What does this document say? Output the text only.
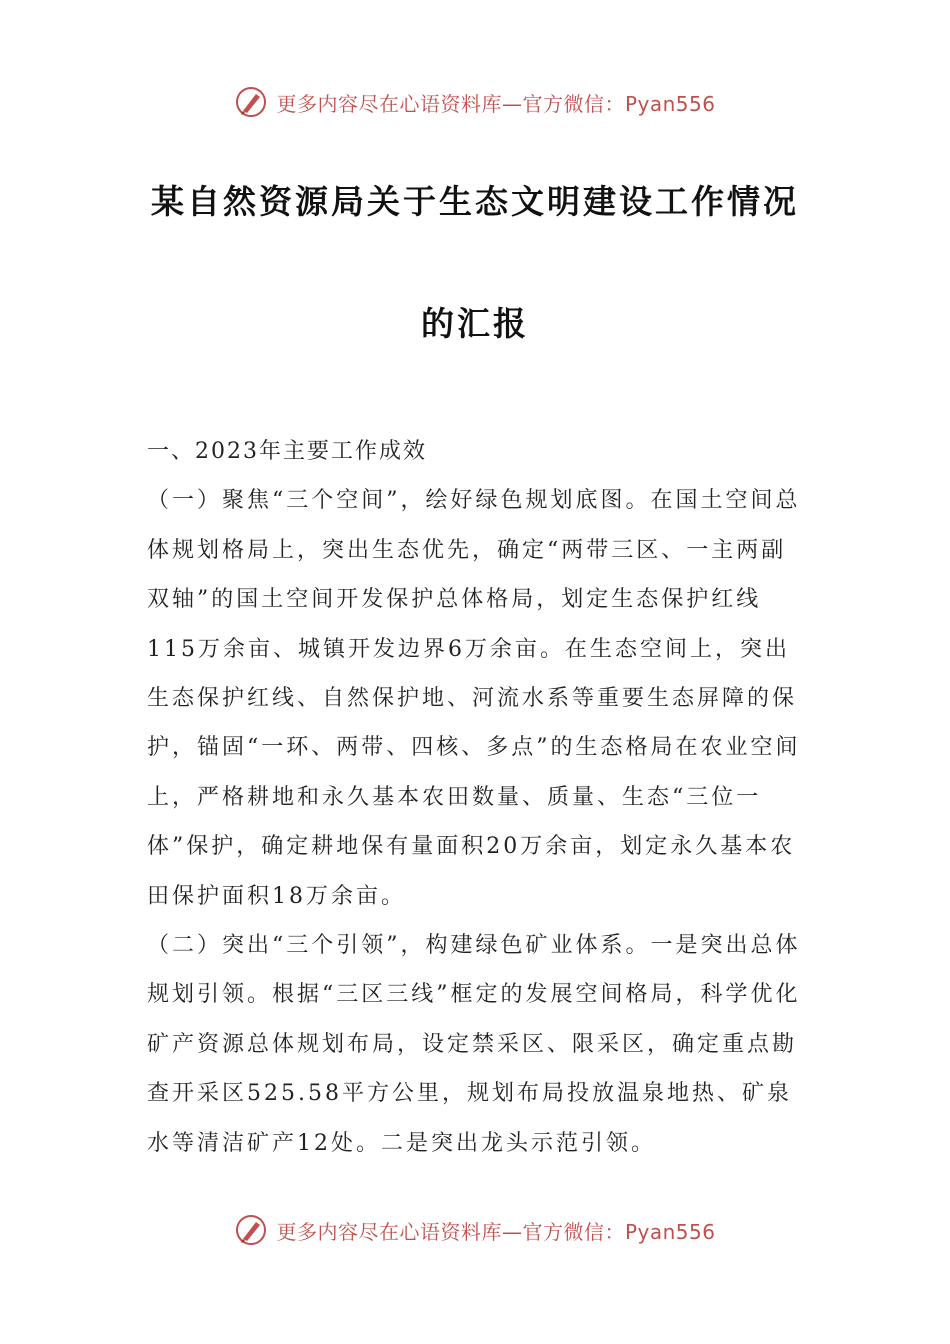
更多内容尽在心语资料库—官方微信：Pyan556
某自然资源局关于生态文明建设工作情况
的汇报

一、2023年主要工作成效

（一）聚焦“三个空间”，绘好绿色规划底图。在国土空间总体规划格局上，突出生态优先，确定“两带三区、一主两副双轴”的国土空间开发保护总体格局，划定生态保护红线115万余亩、城镇开发边界6万余亩。在生态空间上，突出生态保护红线、自然保护地、河流水系等重要生态屏障的保护，锚固“一环、两带、四核、多点”的生态格局在农业空间上，严格耕地和永久基本农田数量、质量、生态“三位一体”保护，确定耕地保有量面积20万余亩，划定永久基本农田保护面积18万余亩。

（二）突出“三个引领”，构建绿色矿业体系。一是突出总体规划引领。根据“三区三线”框定的发展空间格局，科学优化矿产资源总体规划布局，设定禁采区、限采区，确定重点勘查开采区525.58平方公里，规划布局投放温泉地热、矿泉水等清洁矿产12处。二是突出龙头示范引领。

更多内容尽在心语资料库—官方微信：Pyan556
